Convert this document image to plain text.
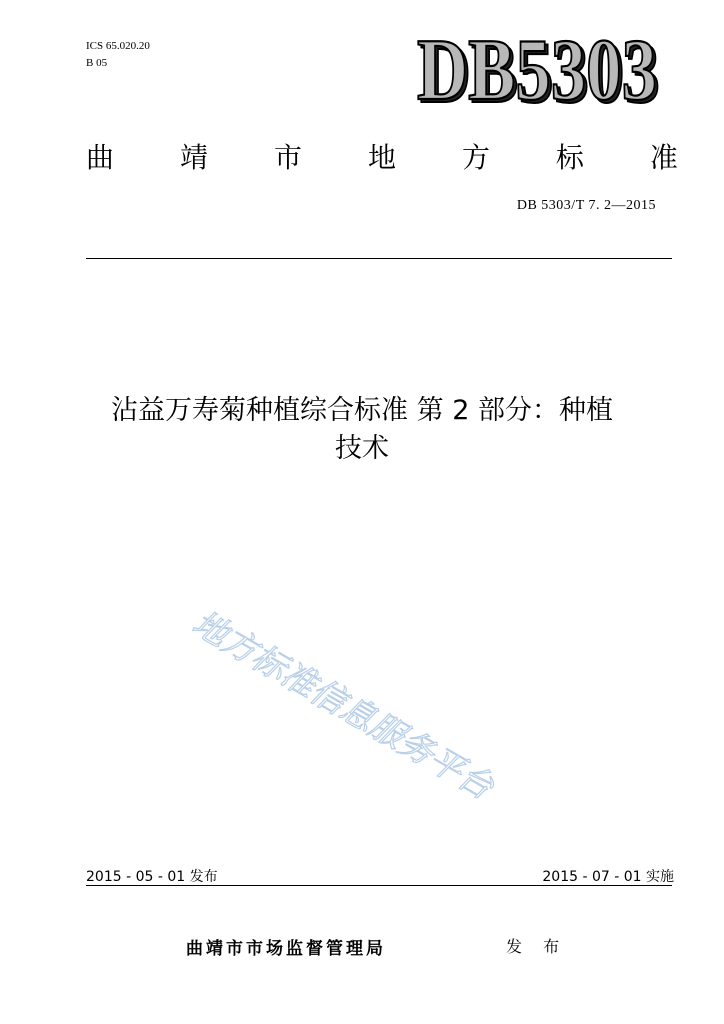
ICS 65.020.20
B 05	DB5303
DB5303
曲 靖 市 地 方 标 准
DB 5303/T 7. 2—2015
沾益万寿菊种植综合标准 第 2 部分：种植
技术
地方标准信息服务平台
2015 - 05 - 01 发布	2015 - 07 - 01 实施
曲靖市市场监督管理局	发 布
